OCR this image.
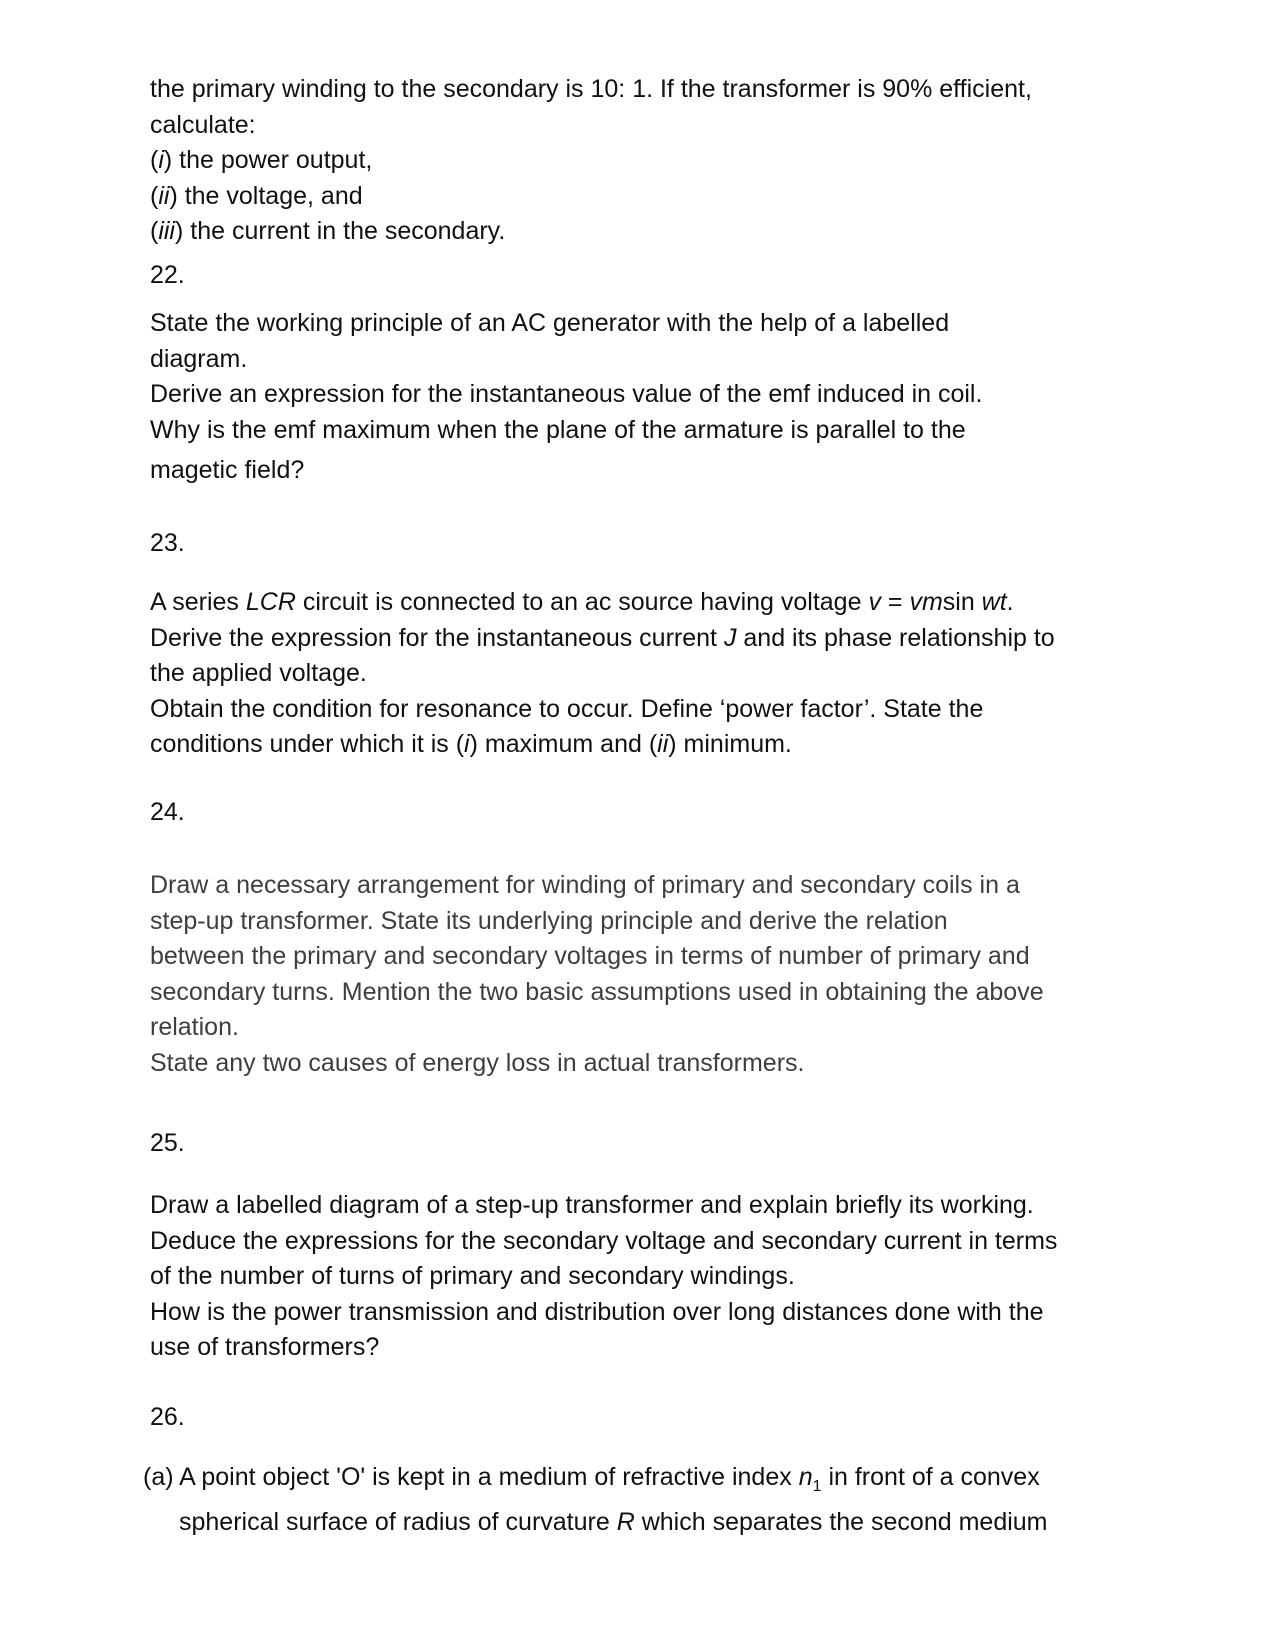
the primary winding to the secondary is 10: 1. If the transformer is 90% efficient,

calculate:

(i) the power output,

(ii) the voltage, and

(iii) the current in the secondary.

22.

State the working principle of an AC generator with the help of a labelled

diagram.

Derive an expression for the instantaneous value of the emf induced in coil.

Why is the emf maximum when the plane of the armature is parallel to the

magetic field?

23.

A series LCR circuit is connected to an ac source having voltage v = vmsin wt.

Derive the expression for the instantaneous current J and its phase relationship to

the applied voltage.

Obtain the condition for resonance to occur. Define ‘power factor’. State the

conditions under which it is (i) maximum and (ii) minimum.

24.

Draw a necessary arrangement for winding of primary and secondary coils in a

step-up transformer. State its underlying principle and derive the relation

between the primary and secondary voltages in terms of number of primary and

secondary turns. Mention the two basic assumptions used in obtaining the above

relation.

State any two causes of energy loss in actual transformers.

25.

Draw a labelled diagram of a step-up transformer and explain briefly its working.

Deduce the expressions for the secondary voltage and secondary current in terms

of the number of turns of primary and secondary windings.

How is the power transmission and distribution over long distances done with the

use of transformers?

26.

(a) A point object 'O' is kept in a medium of refractive index $n_1$ in front of a convex
spherical surface of radius of curvature R which separates the second medium
